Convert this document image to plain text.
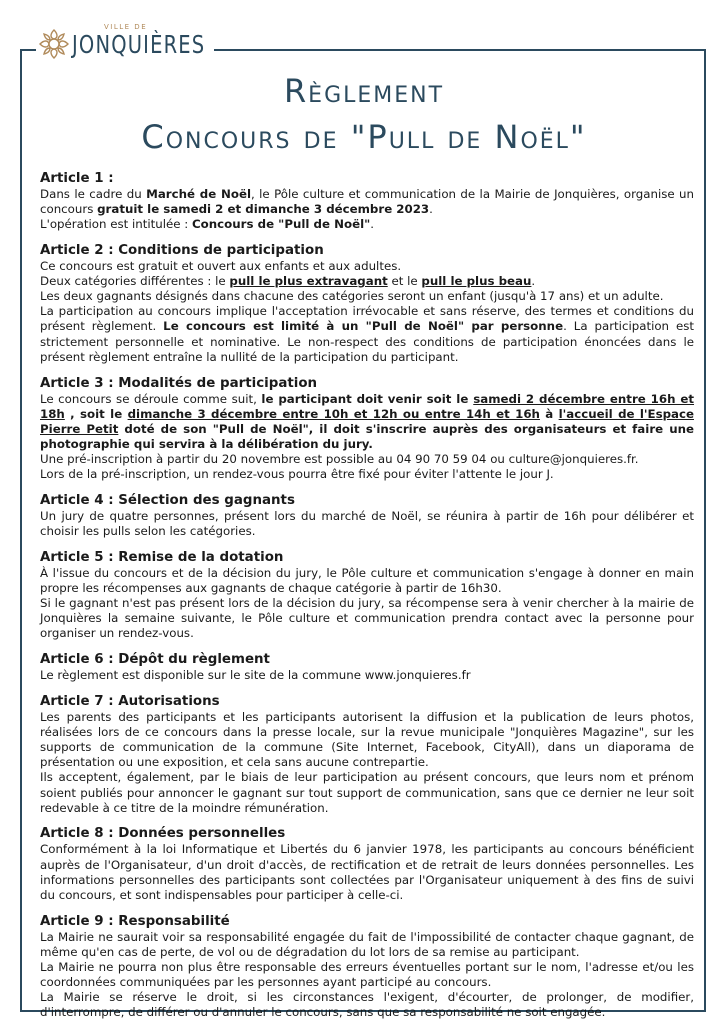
VILLE DE
JONQUIÈRES
Règlement
Concours de "Pull de Noël"
Article 1 :

Dans le cadre du Marché de Noël, le Pôle culture et communication de la Mairie de Jonquières, organise un concours gratuit le samedi 2 et dimanche 3 décembre 2023.

L'opération est intitulée : Concours de "Pull de Noël".

Article 2 : Conditions de participation

Ce concours est gratuit et ouvert aux enfants et aux adultes.

Deux catégories différentes : le pull le plus extravagant et le pull le plus beau.

Les deux gagnants désignés dans chacune des catégories seront un enfant (jusqu'à 17 ans) et un adulte.

La participation au concours implique l'acceptation irrévocable et sans réserve, des termes et conditions du présent règlement. Le concours est limité à un "Pull de Noël" par personne. La participation est strictement personnelle et nominative. Le non-respect des conditions de participation énoncées dans le présent règlement entraîne la nullité de la participation du participant.

Article 3 : Modalités de participation

Le concours se déroule comme suit, le participant doit venir soit le samedi 2 décembre entre 16h et 18h , soit le dimanche 3 décembre entre 10h et 12h ou entre 14h et 16h à l'accueil de l'Espace Pierre Petit doté de son "Pull de Noël", il doit s'inscrire auprès des organisateurs et faire une photographie qui servira à la délibération du jury.

Une pré-inscription à partir du 20 novembre est possible au 04 90 70 59 04 ou culture@jonquieres.fr.

Lors de la pré-inscription, un rendez-vous pourra être fixé pour éviter l'attente le jour J.

Article 4 : Sélection des gagnants

Un jury de quatre personnes, présent lors du marché de Noël, se réunira à partir de 16h pour délibérer et choisir les pulls selon les catégories.

Article 5 : Remise de la dotation

À l'issue du concours et de la décision du jury, le Pôle culture et communication s'engage à donner en main propre les récompenses aux gagnants de chaque catégorie à partir de 16h30.

Si le gagnant n'est pas présent lors de la décision du jury, sa récompense sera à venir chercher à la mairie de Jonquières la semaine suivante, le Pôle culture et communication prendra contact avec la personne pour organiser un rendez-vous.

Article 6 : Dépôt du règlement

Le règlement est disponible sur le site de la commune www.jonquieres.fr

Article 7 : Autorisations

Les parents des participants et les participants autorisent la diffusion et la publication de leurs photos, réalisées lors de ce concours dans la presse locale, sur la revue municipale "Jonquières Magazine", sur les supports de communication de la commune (Site Internet, Facebook, CityAll), dans un diaporama de présentation ou une exposition, et cela sans aucune contrepartie.

Ils acceptent, également, par le biais de leur participation au présent concours, que leurs nom et prénom soient publiés pour annoncer le gagnant sur tout support de communication, sans que ce dernier ne leur soit redevable à ce titre de la moindre rémunération.

Article 8 : Données personnelles

Conformément à la loi Informatique et Libertés du 6 janvier 1978, les participants au concours bénéficient auprès de l'Organisateur, d'un droit d'accès, de rectification et de retrait de leurs données personnelles. Les informations personnelles des participants sont collectées par l'Organisateur uniquement à des fins de suivi du concours, et sont indispensables pour participer à celle-ci.

Article 9 : Responsabilité

La Mairie ne saurait voir sa responsabilité engagée du fait de l'impossibilité de contacter chaque gagnant, de même qu'en cas de perte, de vol ou de dégradation du lot lors de sa remise au participant.

La Mairie ne pourra non plus être responsable des erreurs éventuelles portant sur le nom, l'adresse et/ou les coordonnées communiquées par les personnes ayant participé au concours.

La Mairie se réserve le droit, si les circonstances l'exigent, d'écourter, de prolonger, de modifier, d'interrompre, de différer ou d'annuler le concours, sans que sa responsabilité ne soit engagée.
